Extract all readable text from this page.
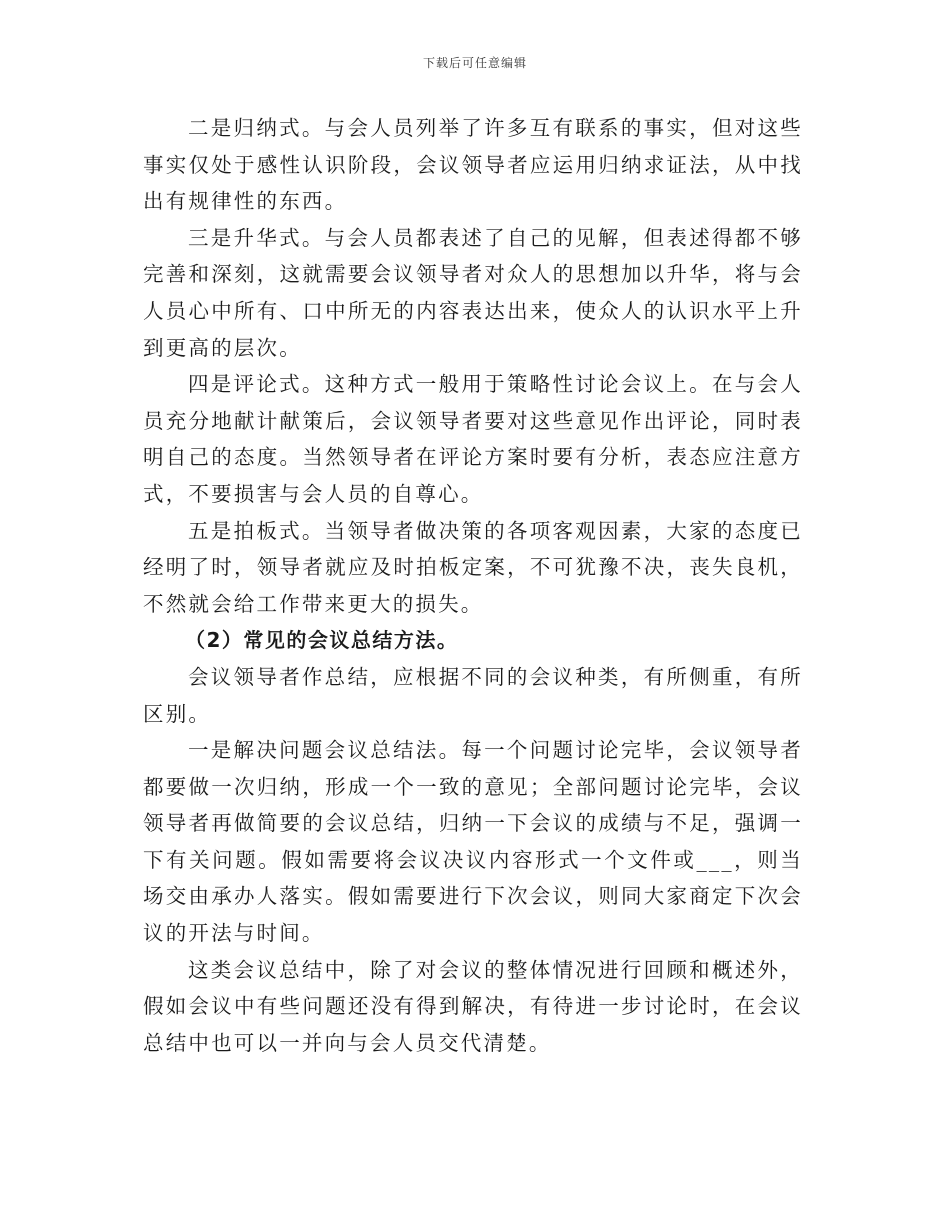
下载后可任意编辑

二是归纳式。与会人员列举了许多互有联系的事实，但对这些事实仅处于感性认识阶段，会议领导者应运用归纳求证法，从中找出有规律性的东西。

三是升华式。与会人员都表述了自己的见解，但表述得都不够完善和深刻，这就需要会议领导者对众人的思想加以升华，将与会人员心中所有、口中所无的内容表达出来，使众人的认识水平上升到更高的层次。

四是评论式。这种方式一般用于策略性讨论会议上。在与会人员充分地献计献策后，会议领导者要对这些意见作出评论，同时表明自己的态度。当然领导者在评论方案时要有分析，表态应注意方式，不要损害与会人员的自尊心。

五是拍板式。当领导者做决策的各项客观因素，大家的态度已经明了时，领导者就应及时拍板定案，不可犹豫不决，丧失良机，不然就会给工作带来更大的损失。

（2）常见的会议总结方法。

会议领导者作总结，应根据不同的会议种类，有所侧重，有所区别。

一是解决问题会议总结法。每一个问题讨论完毕，会议领导者都要做一次归纳，形成一个一致的意见；全部问题讨论完毕，会议领导者再做简要的会议总结，归纳一下会议的成绩与不足，强调一下有关问题。假如需要将会议决议内容形式一个文件或___，则当场交由承办人落实。假如需要进行下次会议，则同大家商定下次会议的开法与时间。

这类会议总结中，除了对会议的整体情况进行回顾和概述外，假如会议中有些问题还没有得到解决，有待进一步讨论时，在会议总结中也可以一并向与会人员交代清楚。
